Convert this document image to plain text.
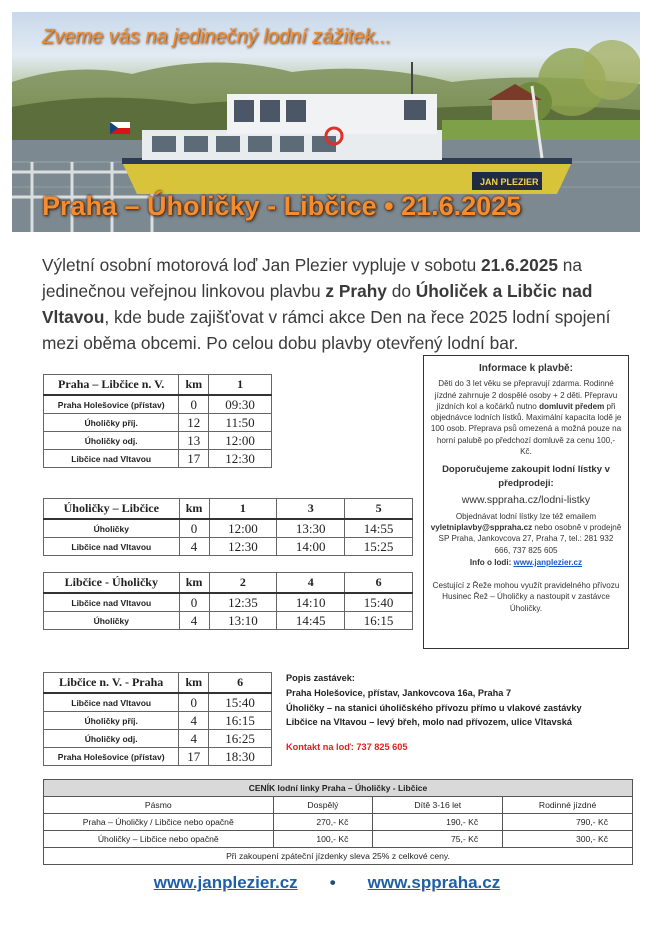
JAN PLEZIER
Zveme vás na jedinečný lodní zážitek...
Praha – Úholičky - Libčice • 21.6.2025
Výletní osobní motorová loď Jan Plezier vypluje v sobotu 21.6.2025 na jedinečnou veřejnou linkovou plavbu z Prahy do Úholiček a Libčic nad Vltavou, kde bude zajišťovat v rámci akce Den na řece 2025 lodní spojení mezi oběma obcemi. Po celou dobu plavby otevřený lodní bar.
Praha – Libčice n. V.	km	1
Praha Holešovice (přístav)	0	09:30
Úholičky příj.	12	11:50
Úholičky odj.	13	12:00
Libčice nad Vltavou	17	12:30
Úholičky – Libčice	km	1	3	5
Úholičky	0	12:00	13:30	14:55
Libčice nad Vltavou	4	12:30	14:00	15:25
Libčice - Úholičky	km	2	4	6
Libčice nad Vltavou	0	12:35	14:10	15:40
Úholičky	4	13:10	14:45	16:15
Libčice n. V. - Praha	km	6
Libčice nad Vltavou	0	15:40
Úholičky příj.	4	16:15
Úholičky odj.	4	16:25
Praha Holešovice (přístav)	17	18:30
Informace k plavbě:

Děti do 3 let věku se přepravují zdarma. Rodinné jízdné zahrnuje 2 dospělé osoby + 2 děti. Přepravu jízdních kol a kočárků nutno domluvit předem při objednávce lodních lístků. Maximální kapacita lodě je 100 osob. Přeprava psů omezená a možná pouze na horní palubě po předchozí domluvě za cenu 100,- Kč.

Doporučujeme zakoupit lodní lístky v předprodeji:
www.sppraha.cz/lodni-listky

Objednávat lodní lístky lze též emailem vyletniplavby@sppraha.cz nebo osobně v prodejně SP Praha, Jankovcova 27, Praha 7, tel.: 281 932 666, 737 825 605

Info o lodi: www.janplezier.cz

Cestující z Řeže mohou využít pravidelného přívozu Husinec Řež – Úholičky a nastoupit v zastávce Úholičky.

Popis zastávek:
Praha Holešovice, přístav, Jankovcova 16a, Praha 7
Úholičky – na stanici úholičského přívozu přímo u vlakové zastávky
Libčice na Vltavou – levý břeh, molo nad přívozem, ulice Vltavská
Kontakt na loď: 737 825 605
CENÍK lodní linky Praha – Úholičky - Libčice			
Pásmo	Dospělý	Dítě 3-16 let	Rodinné jízdné
Praha – Úholičky / Libčice nebo opačně	270,- Kč	190,- Kč	790,- Kč
Úholičky – Libčice nebo opačně	100,- Kč	75,- Kč	300,- Kč
Při zakoupení zpáteční jízdenky sleva 25% z celkové ceny.			
www.janplezier.cz • www.sppraha.cz
